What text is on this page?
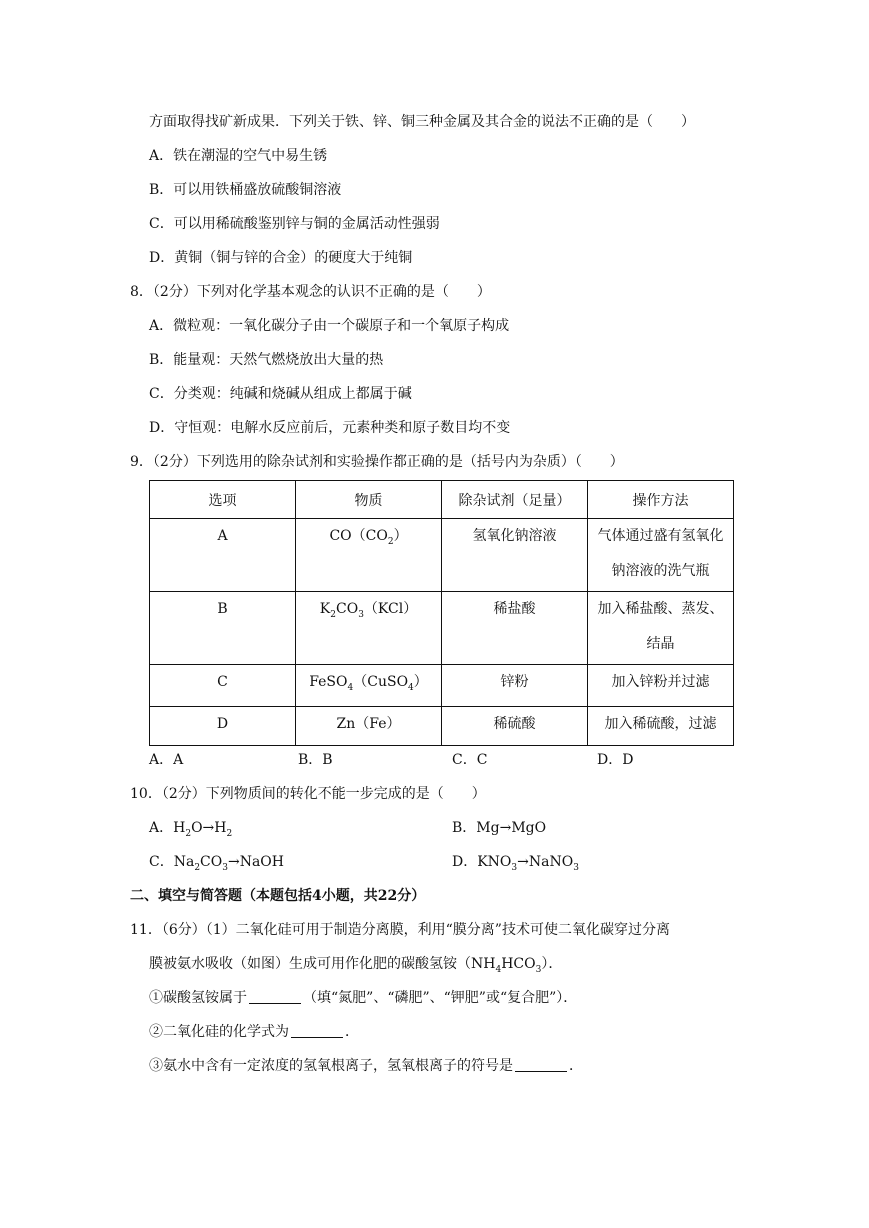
方面取得找矿新成果．下列关于铁、锌、铜三种金属及其合金的说法不正确的是（　　）
A．铁在潮湿的空气中易生锈
B．可以用铁桶盛放硫酸铜溶液
C．可以用稀硫酸鉴别锌与铜的金属活动性强弱
D．黄铜（铜与锌的合金）的硬度大于纯铜
8．（2分）下列对化学基本观念的认识不正确的是（　　）
A．微粒观：一氧化碳分子由一个碳原子和一个氧原子构成
B．能量观：天然气燃烧放出大量的热
C．分类观：纯碱和烧碱从组成上都属于碱
D．守恒观：电解水反应前后，元素种类和原子数目均不变
9．（2分）下列选用的除杂试剂和实验操作都正确的是（括号内为杂质）（　　）
选项	物质	除杂试剂（足量）	操作方法
A	$CO(CO_2)$	氢氧化钠溶液	气体通过盛有氢氧化
钠溶液的洗气瓶

B	$K_2CO_3(KCl)$	稀盐酸	加入稀盐酸、蒸发、
结晶

C	FeSO$_4$（CuSO$_4$）	锌粉	加入锌粉并过滤
D	Zn（Fe）	稀硫酸	加入稀硫酸，过滤
A．A	B．B	C．C	D．D
10．（2分）下列物质间的转化不能一步完成的是（　　）
A．$H_2O\to H_2$	B．Mg→MgO
C．$Na_2CO_3\to NaOH$	D．$KNO_3\to NaNO_3$
二、填空与简答题（本题包括4小题，共22分）
11．（6分）（1）二氧化硅可用于制造分离膜，利用“膜分离”技术可使二氧化碳穿过分离
膜被氨水吸收（如图）生成可用作化肥的碳酸氢铵$(NH_4HCO_3)$．
①碳酸氢铵属于	（填“氮肥”、“磷肥”、“钾肥”或“复合肥”）．
②二氧化硅的化学式为	．
③氨水中含有一定浓度的氢氧根离子，氢氧根离子的符号是	．
